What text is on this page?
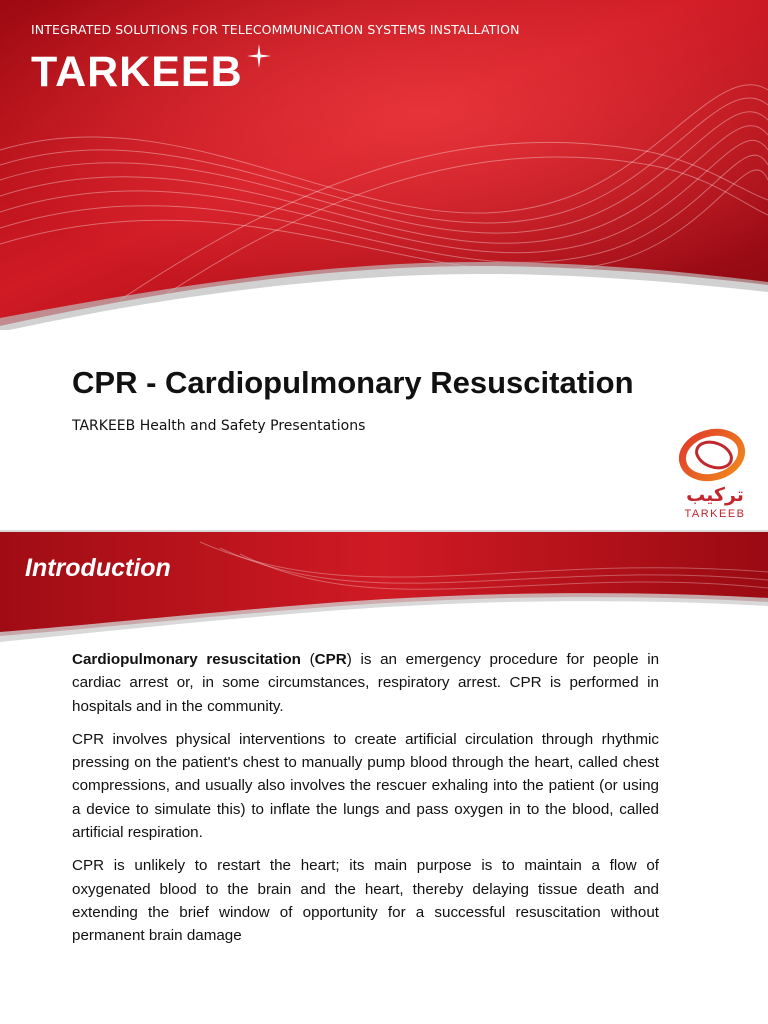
INTEGRATED SOLUTIONS FOR TELECOMMUNICATION SYSTEMS INSTALLATION
TARKEEB
CPR - Cardiopulmonary Resuscitation
TARKEEB Health and Safety Presentations
تركيب
TARKEEB
Introduction

Cardiopulmonary resuscitation (CPR) is an emergency procedure for people in cardiac arrest or, in some circumstances, respiratory arrest. CPR is performed in hospitals and in the community.

CPR involves physical interventions to create artificial circulation through rhythmic pressing on the patient's chest to manually pump blood through the heart, called chest compressions, and usually also involves the rescuer exhaling into the patient (or using a device to simulate this) to inflate the lungs and pass oxygen in to the blood, called artificial respiration.

CPR is unlikely to restart the heart; its main purpose is to maintain a flow of oxygenated blood to the brain and the heart, thereby delaying tissue death and extending the brief window of opportunity for a successful resuscitation without permanent brain damage
